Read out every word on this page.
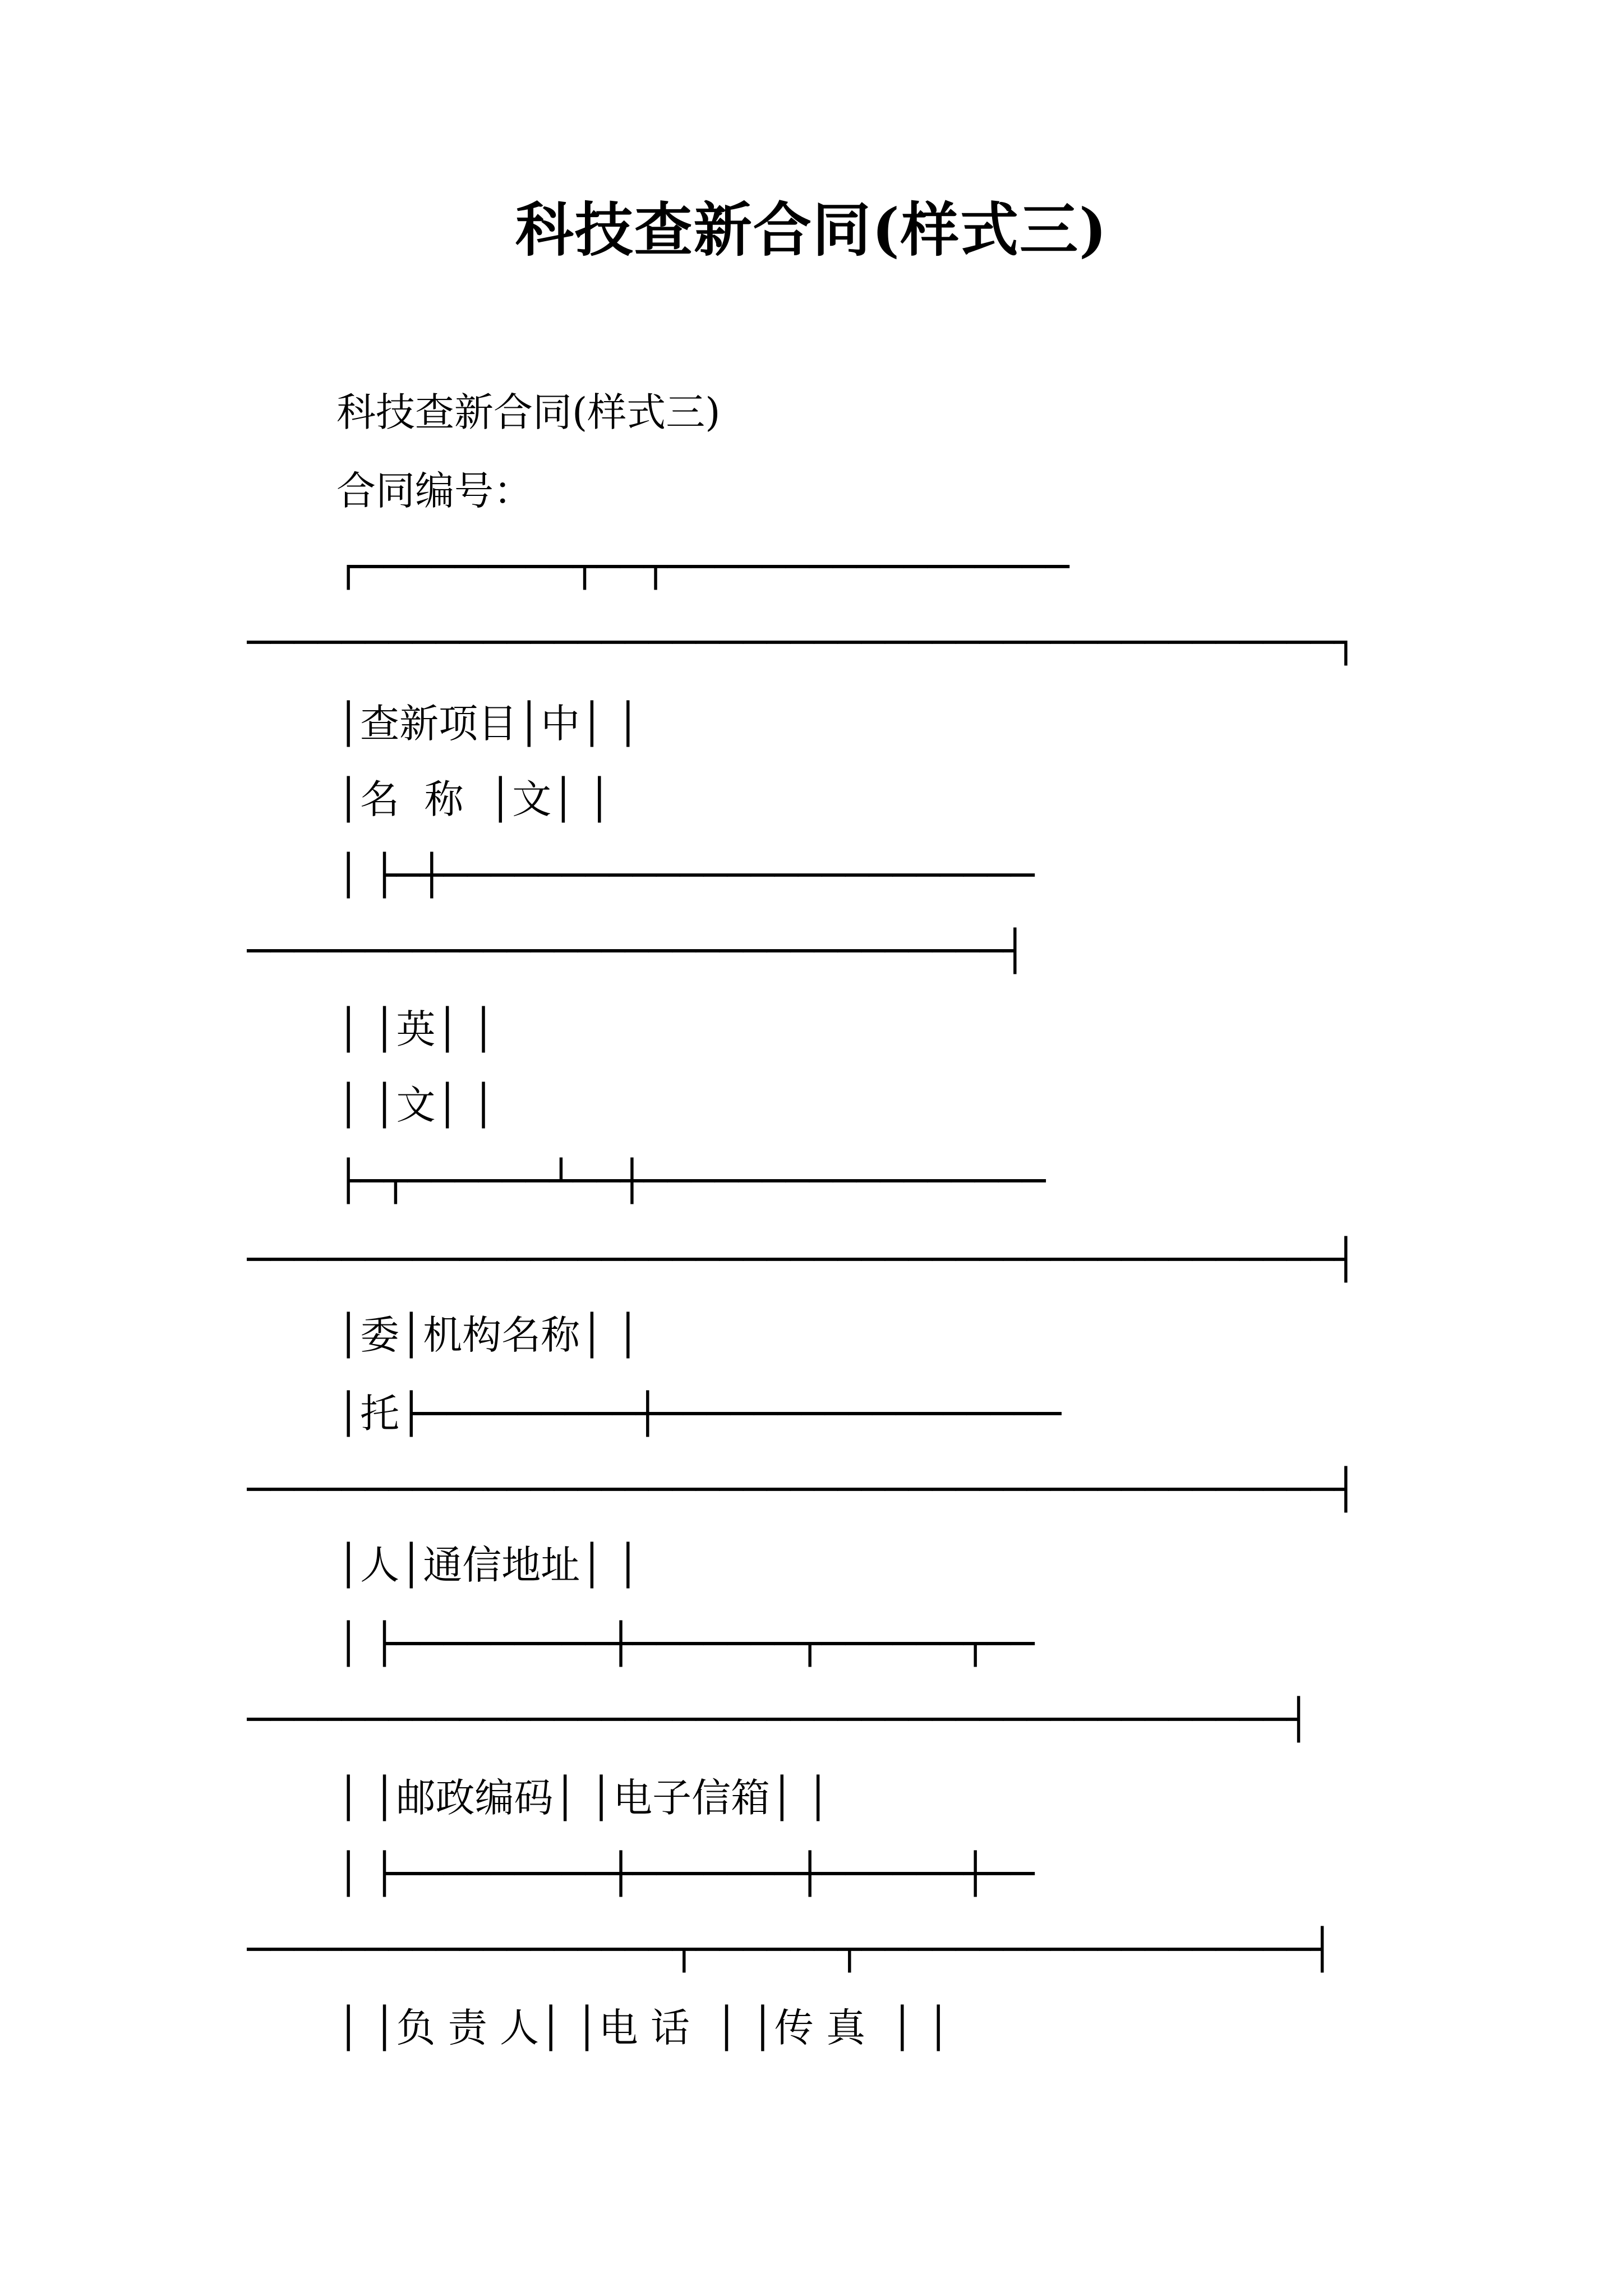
科技查新合同(样式三)
科技查新合同(样式三)
合同编号：
┌─────────┬──┬─────────────────
──────────────────────────────────────────────┐
│查新项目│中│ │
│名  称  │文│ │
│ ├─┼─────────────────────────
────────────────────────────────┤
│ │英│ │
│ │文│ │
├─┬──────┴──┼─────────────────
──────────────────────────────────────────────┤
│委│机构名称│ │
│托├─────────┼─────────────────
──────────────────────────────────────────────┤
│人│通信地址│ │
│ ├─────────┼───────┬──────┬──
────────────────────────────────────────────┤
│ │邮政编码│ │电子信箱│ │
│ ├─────────┼───────┼──────┼──
──────────────────┬──────┬───────────────────┤
│ │负 责 人│ │电 话  │ │传 真  │ │
